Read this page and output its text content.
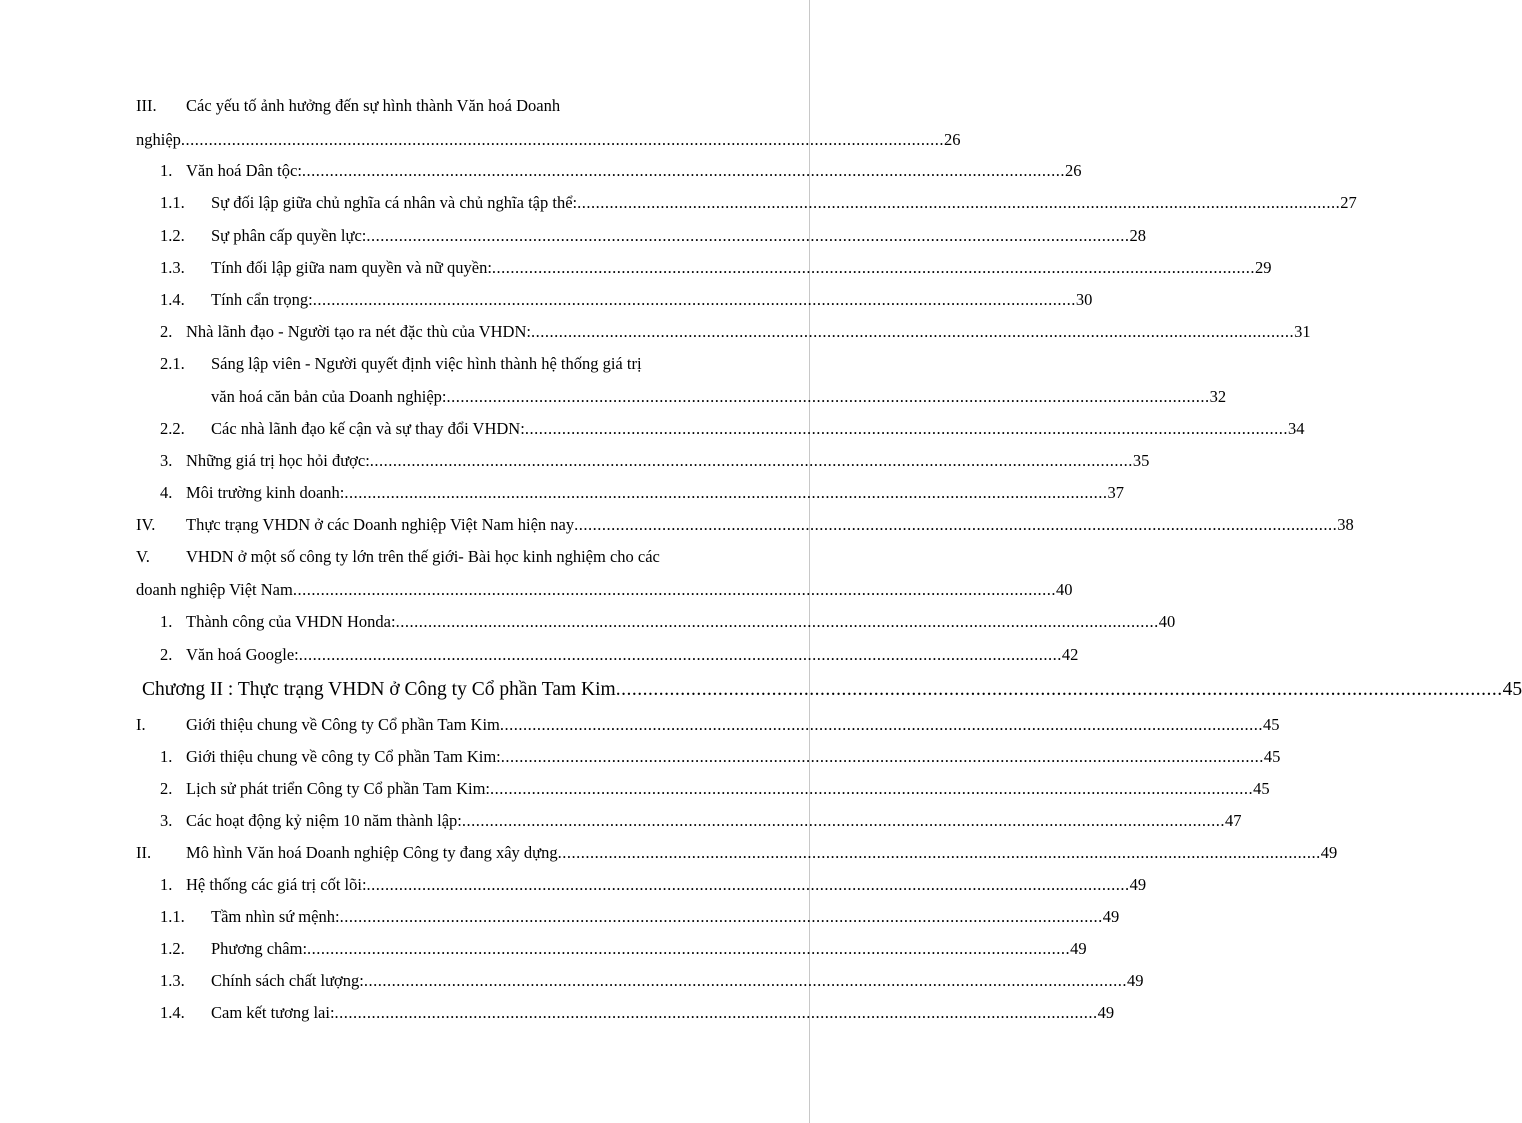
III. Các yếu tố ảnh hưởng đến sự hình thành Văn hoá Doanh
nghiệp ..................................................................................................................................................................... 26
1. Văn hoá Dân tộc: ..................................................................................................................................................................... 26
1.1. Sự đối lập giữa chủ nghĩa cá nhân và chủ nghĩa tập thể: ..................................................................................................................................................................... 27
1.2. Sự phân cấp quyền lực: ..................................................................................................................................................................... 28
1.3. Tính đối lập giữa nam quyền và nữ quyền: ..................................................................................................................................................................... 29
1.4. Tính cẩn trọng: ..................................................................................................................................................................... 30
2. Nhà lãnh đạo - Người tạo ra nét đặc thù của VHDN: ..................................................................................................................................................................... 31
2.1. Sáng lập viên - Người quyết định việc hình thành hệ thống giá trị
văn hoá căn bản của Doanh nghiệp: ..................................................................................................................................................................... 32
2.2. Các nhà lãnh đạo kế cận và sự thay đổi VHDN: ..................................................................................................................................................................... 34
3. Những giá trị học hỏi được: ..................................................................................................................................................................... 35
4. Môi trường kinh doanh: ..................................................................................................................................................................... 37
IV. Thực trạng VHDN ở các Doanh nghiệp Việt Nam hiện nay ..................................................................................................................................................................... 38
V. VHDN ở một số công ty lớn trên thế giới- Bài học kinh nghiệm cho các
doanh nghiệp Việt Nam ..................................................................................................................................................................... 40
1. Thành công của VHDN Honda: ..................................................................................................................................................................... 40
2. Văn hoá Google: ..................................................................................................................................................................... 42
Chương II : Thực trạng VHDN ở Công ty Cổ phần Tam Kim ..................................................................................................................................................................... 45
I. Giới thiệu chung về Công ty Cổ phần Tam Kim ..................................................................................................................................................................... 45
1. Giới thiệu chung về công ty Cổ phần Tam Kim: ..................................................................................................................................................................... 45
2. Lịch sử phát triển Công ty Cổ phần Tam Kim: ..................................................................................................................................................................... 45
3. Các hoạt động kỷ niệm 10 năm thành lập: ..................................................................................................................................................................... 47
II. Mô hình Văn hoá Doanh nghiệp Công ty đang xây dựng ..................................................................................................................................................................... 49
1. Hệ thống các giá trị cốt lõi: ..................................................................................................................................................................... 49
1.1. Tầm nhìn sứ mệnh: ..................................................................................................................................................................... 49
1.2. Phương châm: ..................................................................................................................................................................... 49
1.3. Chính sách chất lượng: ..................................................................................................................................................................... 49
1.4. Cam kết tương lai: ..................................................................................................................................................................... 49
